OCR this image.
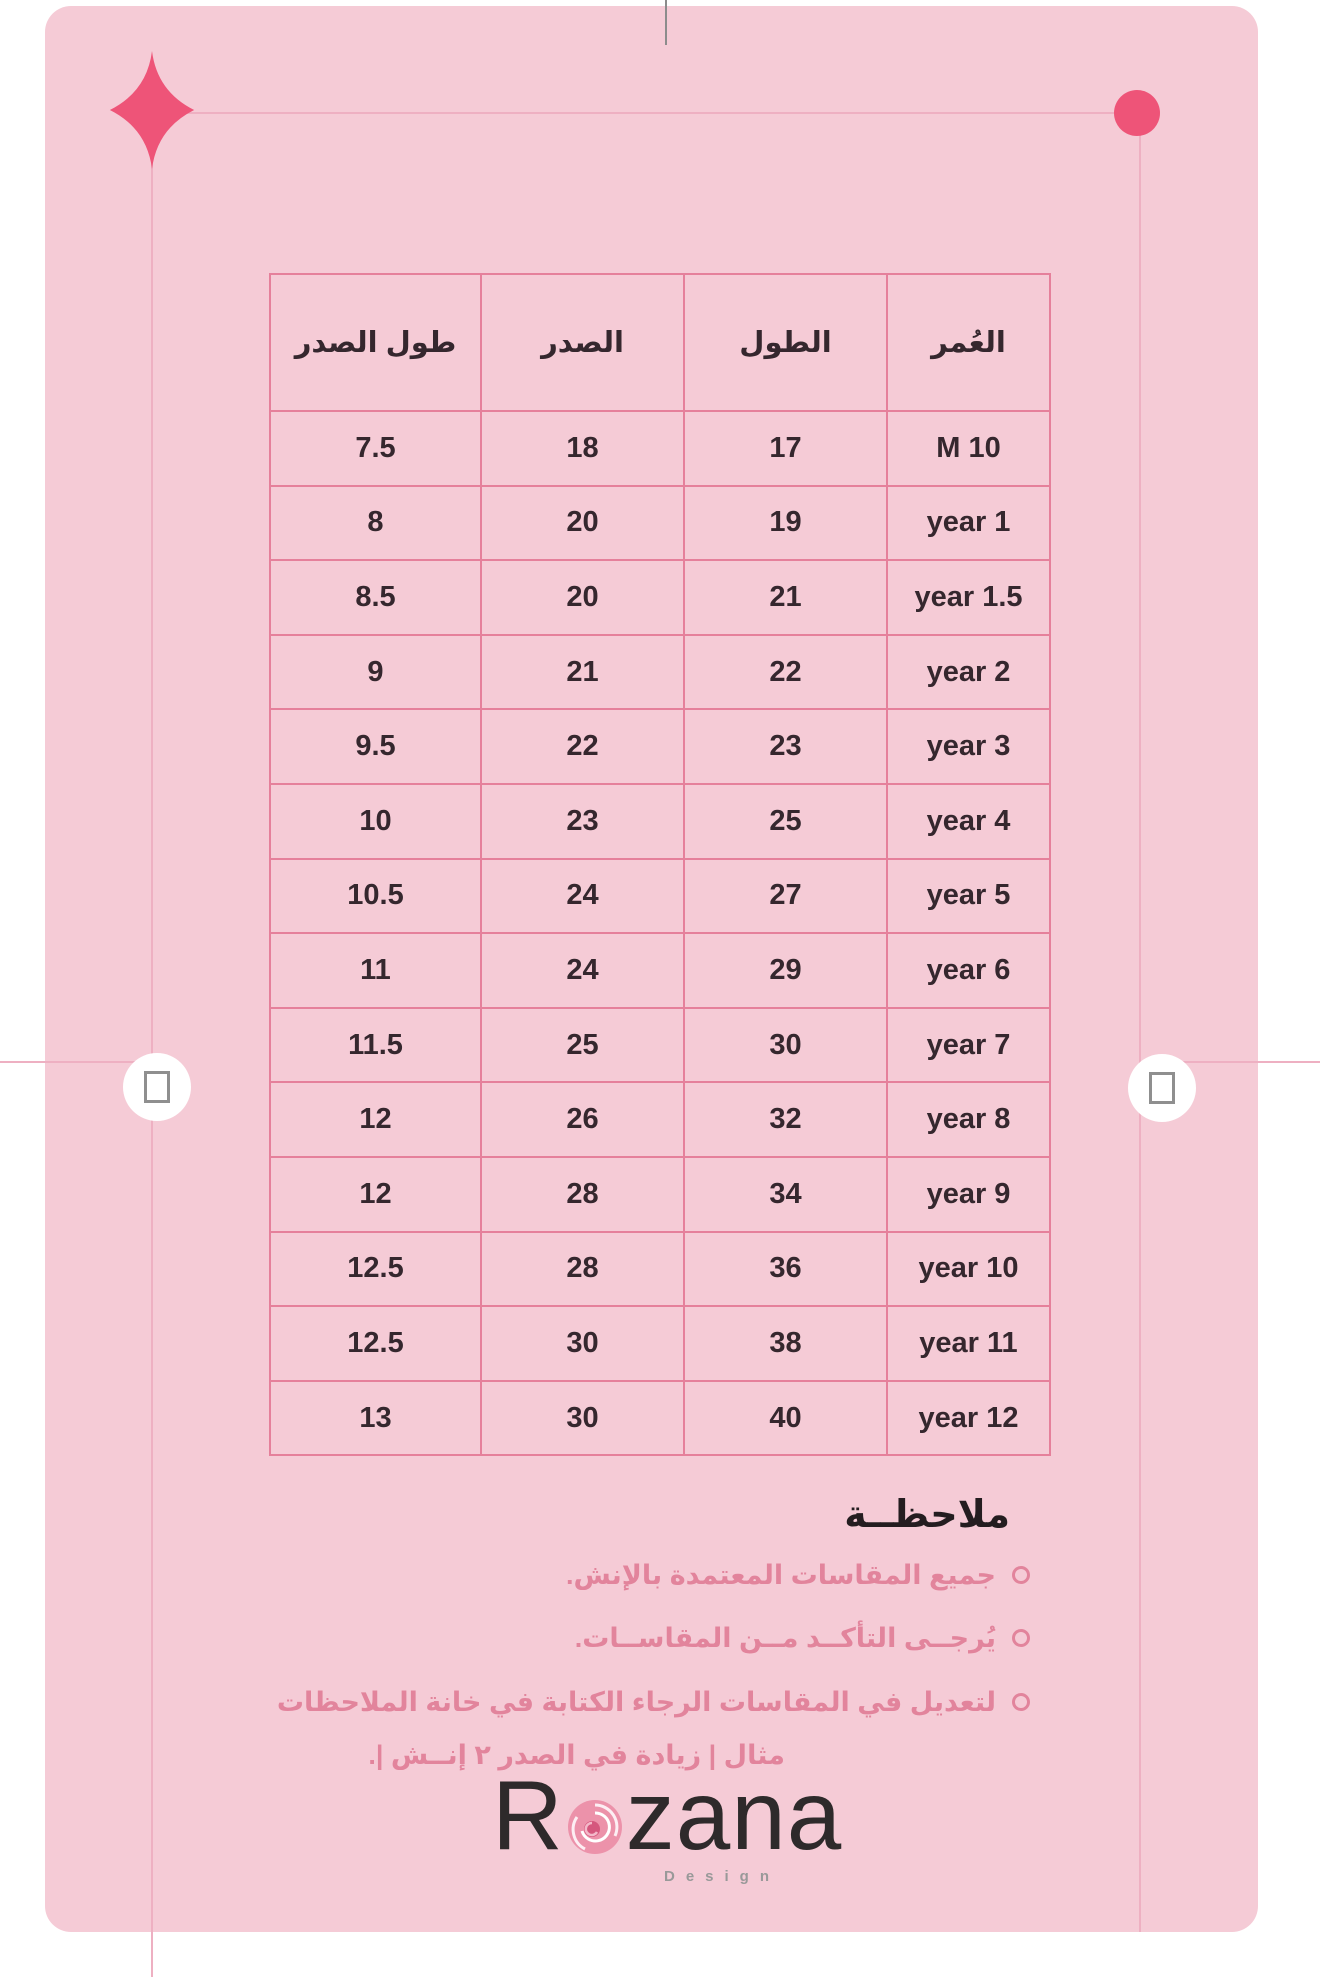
العُمر	الطول	الصدر	طول الصدر
10 M	17	18	7.5
1 year	19	20	8
1.5 year	21	20	8.5
2 year	22	21	9
3 year	23	22	9.5
4 year	25	23	10
5 year	27	24	10.5
6 year	29	24	11
7 year	30	25	11.5
8 year	32	26	12
9 year	34	28	12
10 year	36	28	12.5
11 year	38	30	12.5
12 year	40	30	13
ملاحظــة
جميع المقاسات المعتمدة بالإنش.
يُرجــى التأكــد مــن المقاســات.
لتعديل في المقاسات الرجاء الكتابة في خانة الملاحظات
مثال | زيادة في الصدر ٢ إنــش |.
R zana
Design
